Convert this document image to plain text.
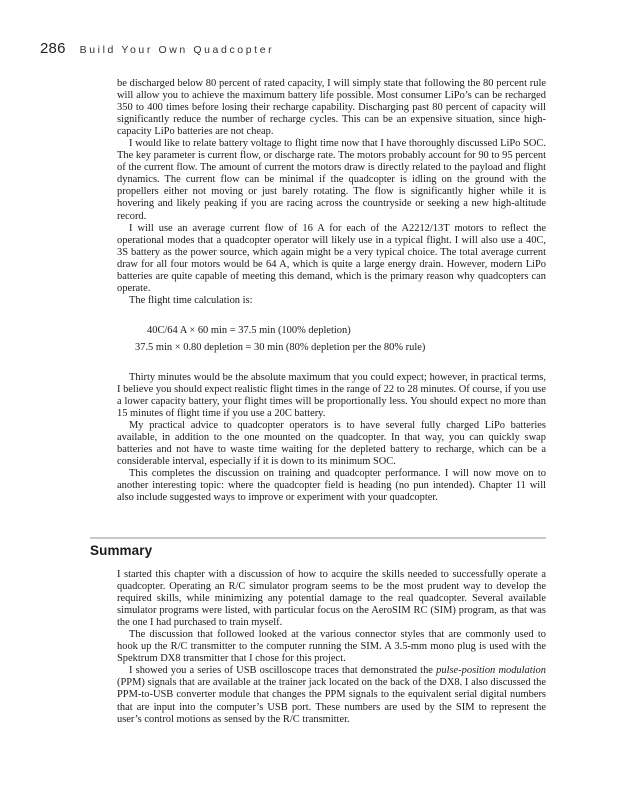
286 Build Your Own Quadcopter

be discharged below 80 percent of rated capacity, I will simply state that following the 80 percent rule will allow you to achieve the maximum battery life possible. Most consumer LiPo’s can be recharged 350 to 400 times before losing their recharge capability. Discharging past 80 percent of capacity will significantly reduce the number of recharge cycles. This can be an expensive situation, since high-capacity LiPo batteries are not cheap.

I would like to relate battery voltage to flight time now that I have thoroughly discussed LiPo SOC. The key parameter is current flow, or discharge rate. The motors probably account for 90 to 95 percent of the current flow. The amount of current the motors draw is directly related to the payload and flight dynamics. The current flow can be minimal if the quadcopter is idling on the ground with the propellers either not moving or just barely rotating. The flow is significantly higher while it is hovering and likely peaking if you are racing across the countryside or seeking a new high-altitude record.

I will use an average current flow of 16 A for each of the A2212/13T motors to reflect the operational modes that a quadcopter operator will likely use in a typical flight. I will also use a 40C, 3S battery as the power source, which again might be a very typical choice. The total average current draw for all four motors would be 64 A, which is quite a large energy drain. However, modern LiPo batteries are quite capable of meeting this demand, which is the primary reason why quadcopters can operate.

The flight time calculation is:

40C/64 A × 60 min = 37.5 min (100% depletion)
37.5 min × 0.80 depletion = 30 min (80% depletion per the 80% rule)

Thirty minutes would be the absolute maximum that you could expect; however, in practical terms, I believe you should expect realistic flight times in the range of 22 to 28 minutes. Of course, if you use a lower capacity battery, your flight times will be proportionally less. You should expect no more than 15 minutes of flight time if you use a 20C battery.

My practical advice to quadcopter operators is to have several fully charged LiPo batteries available, in addition to the one mounted on the quadcopter. In that way, you can quickly swap batteries and not have to waste time waiting for the depleted battery to recharge, which can be a considerable interval, especially if it is down to its minimum SOC.

This completes the discussion on training and quadcopter performance. I will now move on to another interesting topic: where the quadcopter field is heading (no pun intended). Chapter 11 will also include suggested ways to improve or experiment with your quadcopter.

Summary

I started this chapter with a discussion of how to acquire the skills needed to successfully operate a quadcopter. Operating an R/C simulator program seems to be the most prudent way to develop the required skills, while minimizing any potential damage to the real quadcopter. Several available simulator programs were listed, with particular focus on the AeroSIM RC (SIM) program, as that was the one I had purchased to train myself.

The discussion that followed looked at the various connector styles that are commonly used to hook up the R/C transmitter to the computer running the SIM. A 3.5-mm mono plug is used with the Spektrum DX8 transmitter that I chose for this project.

I showed you a series of USB oscilloscope traces that demonstrated the pulse-position modulation (PPM) signals that are available at the trainer jack located on the back of the DX8. I also discussed the PPM-to-USB converter module that changes the PPM signals to the equivalent serial digital numbers that are input into the computer’s USB port. These numbers are used by the SIM to represent the user’s control motions as sensed by the R/C transmitter.
